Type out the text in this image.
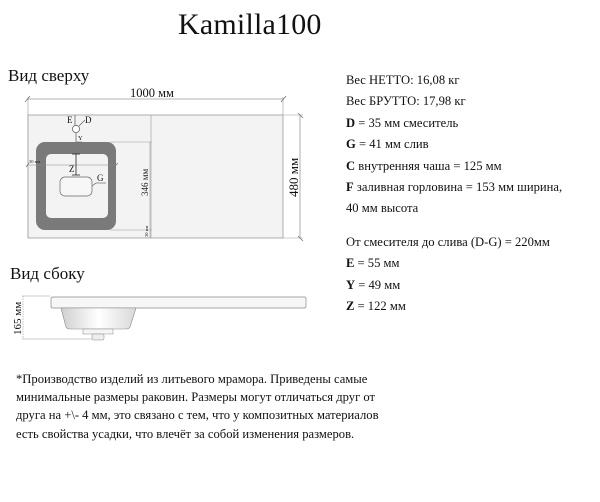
Kamilla100
Вид сверху
1000 мм
480 мм
346 мм
30 мм
30 мм
E D
Y
Z
G
165 мм
Вид сбоку
Вес НЕТТО: 16,08 кг
Вес БРУТТО: 17,98 кг
D = 35 мм смеситель
G = 41 мм слив
C внутренняя чаша = 125 мм
F заливная горловина = 153 мм ширина,
40 мм высота
От смесителя до слива (D-G) = 220мм
E = 55 мм
Y = 49 мм
Z = 122 мм
*Производство изделий из литьевого мрамора. Приведены самые минимальные размеры раковин. Размеры могут отличаться друг от друга на +\- 4 мм, это связано с тем, что у композитных материалов есть свойства усадки, что влечёт за собой изменения размеров.
